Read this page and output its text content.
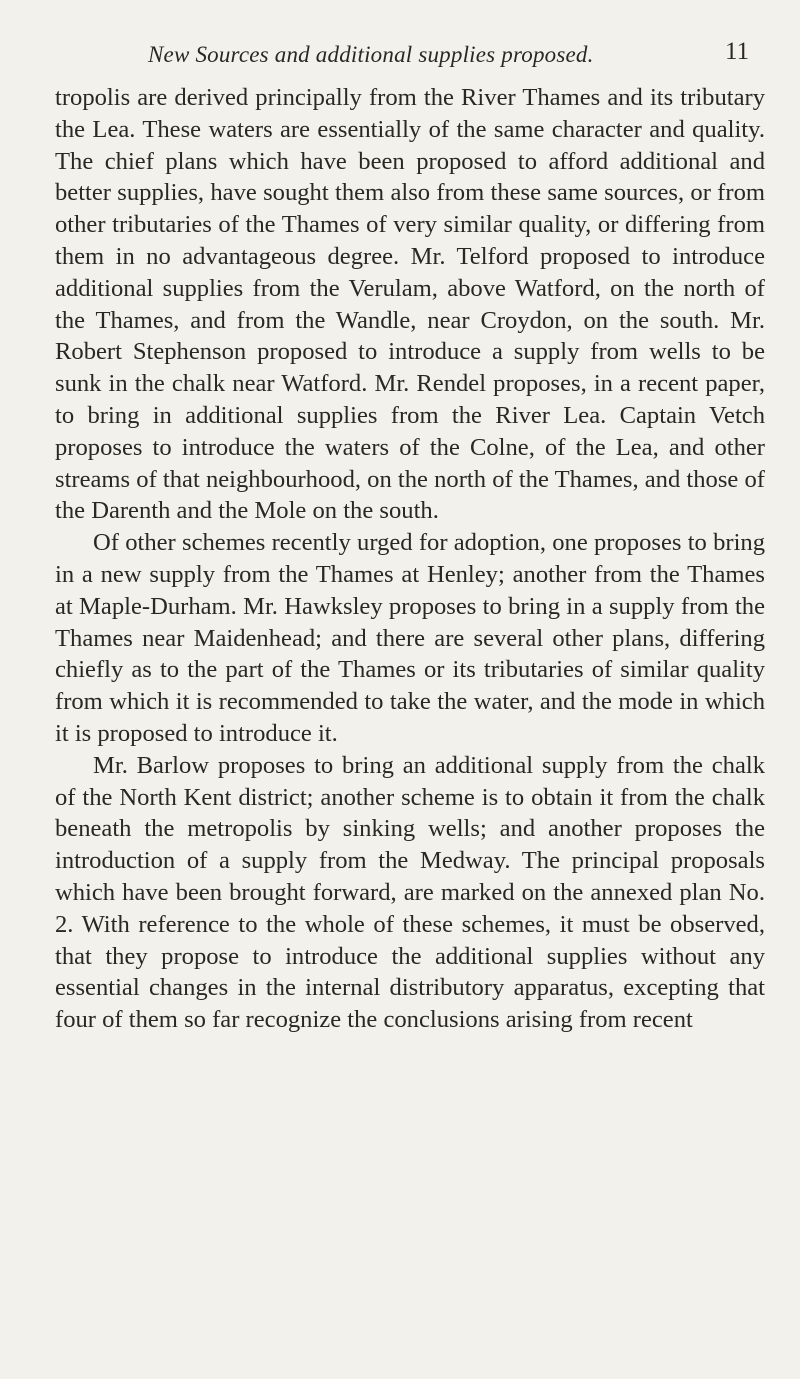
New Sources and additional supplies proposed.	11

tropolis are derived principally from the River Thames and its tributary the Lea. These waters are essentially of the same character and quality. The chief plans which have been proposed to afford additional and better supplies, have sought them also from these same sources, or from other tributaries of the Thames of very similar quality, or differing from them in no advantageous degree. Mr. Telford proposed to introduce additional supplies from the Verulam, above Watford, on the north of the Thames, and from the Wandle, near Croydon, on the south. Mr. Robert Stephenson proposed to introduce a supply from wells to be sunk in the chalk near Watford. Mr. Rendel proposes, in a recent paper, to bring in additional supplies from the River Lea. Captain Vetch proposes to introduce the waters of the Colne, of the Lea, and other streams of that neighbourhood, on the north of the Thames, and those of the Darenth and the Mole on the south.

Of other schemes recently urged for adoption, one proposes to bring in a new supply from the Thames at Henley; another from the Thames at Maple-Durham. Mr. Hawksley proposes to bring in a supply from the Thames near Maidenhead; and there are several other plans, differing chiefly as to the part of the Thames or its tributaries of similar quality from which it is recommended to take the water, and the mode in which it is proposed to introduce it.

Mr. Barlow proposes to bring an additional supply from the chalk of the North Kent district; another scheme is to obtain it from the chalk beneath the metropolis by sinking wells; and another proposes the introduction of a supply from the Medway. The principal proposals which have been brought forward, are marked on the annexed plan No. 2. With reference to the whole of these schemes, it must be observed, that they propose to introduce the additional supplies without any essential changes in the internal distributory apparatus, excepting that four of them so far recognize the conclusions arising from recent
